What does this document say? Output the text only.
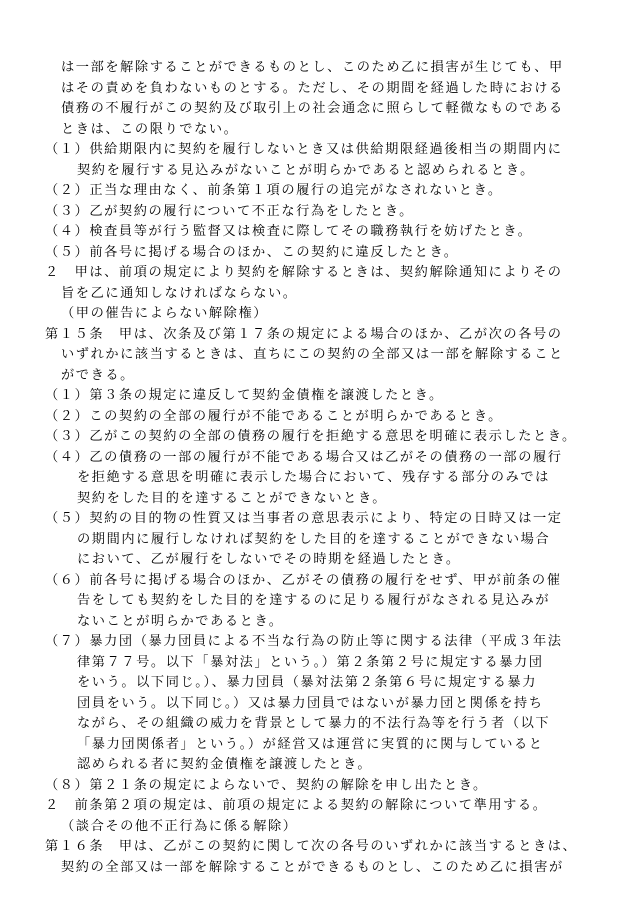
は一部を解除することができるものとし、このため乙に損害が生じても、甲
はその責めを負わないものとする。ただし、その期間を経過した時における
債務の不履行がこの契約及び取引上の社会通念に照らして軽微なものである
ときは、この限りでない。
（１）供給期限内に契約を履行しないとき又は供給期限経過後相当の期間内に
契約を履行する見込みがないことが明らかであると認められるとき。
（２）正当な理由なく、前条第１項の履行の追完がなされないとき。
（３）乙が契約の履行について不正な行為をしたとき。
（４）検査員等が行う監督又は検査に際してその職務執行を妨げたとき。
（５）前各号に掲げる場合のほか、この契約に違反したとき。
２　甲は、前項の規定により契約を解除するときは、契約解除通知によりその
旨を乙に通知しなければならない。
（甲の催告によらない解除権）
第１５条　甲は、次条及び第１７条の規定による場合のほか、乙が次の各号の
いずれかに該当するときは、直ちにこの契約の全部又は一部を解除すること
ができる。
（１）第３条の規定に違反して契約金債権を譲渡したとき。
（２）この契約の全部の履行が不能であることが明らかであるとき。
（３）乙がこの契約の全部の債務の履行を拒絶する意思を明確に表示したとき。
（４）乙の債務の一部の履行が不能である場合又は乙がその債務の一部の履行
を拒絶する意思を明確に表示した場合において、残存する部分のみでは
契約をした目的を達することができないとき。
（５）契約の目的物の性質又は当事者の意思表示により、特定の日時又は一定
の期間内に履行しなければ契約をした目的を達することができない場合
において、乙が履行をしないでその時期を経過したとき。
（６）前各号に掲げる場合のほか、乙がその債務の履行をせず、甲が前条の催
告をしても契約をした目的を達するのに足りる履行がなされる見込みが
ないことが明らかであるとき。
（７）暴力団（暴力団員による不当な行為の防止等に関する法律（平成３年法
律第７７号。以下「暴対法」という。）第２条第２号に規定する暴力団
をいう。以下同じ。）、暴力団員（暴対法第２条第６号に規定する暴力
団員をいう。以下同じ。）又は暴力団員ではないが暴力団と関係を持ち
ながら、その組織の威力を背景として暴力的不法行為等を行う者（以下
「暴力団関係者」という。）が経営又は運営に実質的に関与していると
認められる者に契約金債権を譲渡したとき。
（８）第２１条の規定によらないで、契約の解除を申し出たとき。
２　前条第２項の規定は、前項の規定による契約の解除について準用する。
（談合その他不正行為に係る解除）
第１６条　甲は、乙がこの契約に関して次の各号のいずれかに該当するときは、
契約の全部又は一部を解除することができるものとし、このため乙に損害が
